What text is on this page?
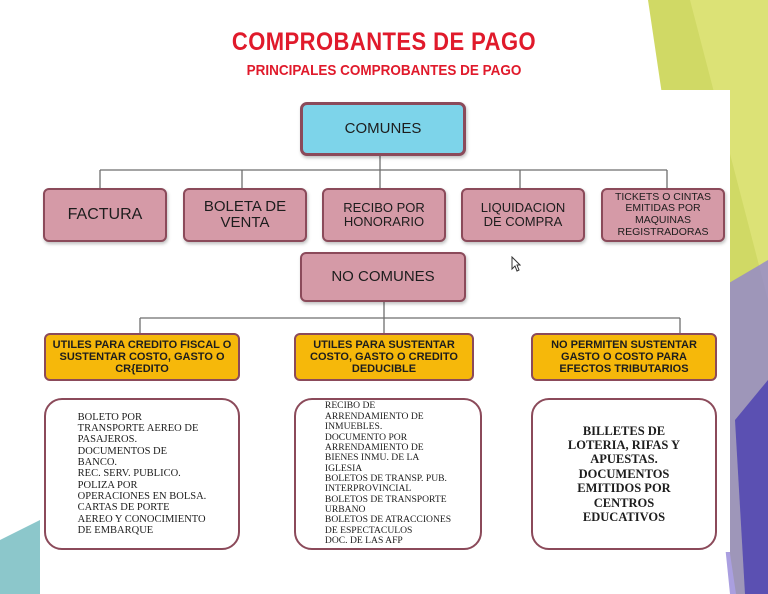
COMPROBANTES DE PAGO
PRINCIPALES COMPROBANTES DE PAGO
COMUNES
FACTURA
BOLETA DE VENTA
RECIBO POR HONORARIO
LIQUIDACION DE COMPRA
TICKETS O CINTAS EMITIDAS POR MAQUINAS REGISTRADORAS
NO COMUNES
UTILES PARA CREDITO FISCAL O SUSTENTAR COSTO, GASTO O CR{EDITO
UTILES PARA SUSTENTAR COSTO, GASTO O CREDITO DEDUCIBLE
NO PERMITEN SUSTENTAR GASTO O COSTO PARA EFECTOS TRIBUTARIOS
BOLETO POR
TRANSPORTE AEREO DE
PASAJEROS.
DOCUMENTOS DE
BANCO.
REC. SERV. PUBLICO.
POLIZA POR
OPERACIONES EN BOLSA.
CARTAS DE PORTE
AEREO Y CONOCIMIENTO
DE EMBARQUE
RECIBO DE
ARRENDAMIENTO DE
INMUEBLES.
DOCUMENTO POR
ARRENDAMIENTO DE
BIENES INMU. DE LA
IGLESIA
BOLETOS DE TRANSP. PUB.
INTERPROVINCIAL
BOLETOS DE TRANSPORTE
URBANO
BOLETOS DE ATRACCIONES
DE ESPECTACULOS
DOC. DE LAS AFP
BILLETES DE
LOTERIA, RIFAS Y
APUESTAS.
DOCUMENTOS
EMITIDOS POR
CENTROS
EDUCATIVOS
